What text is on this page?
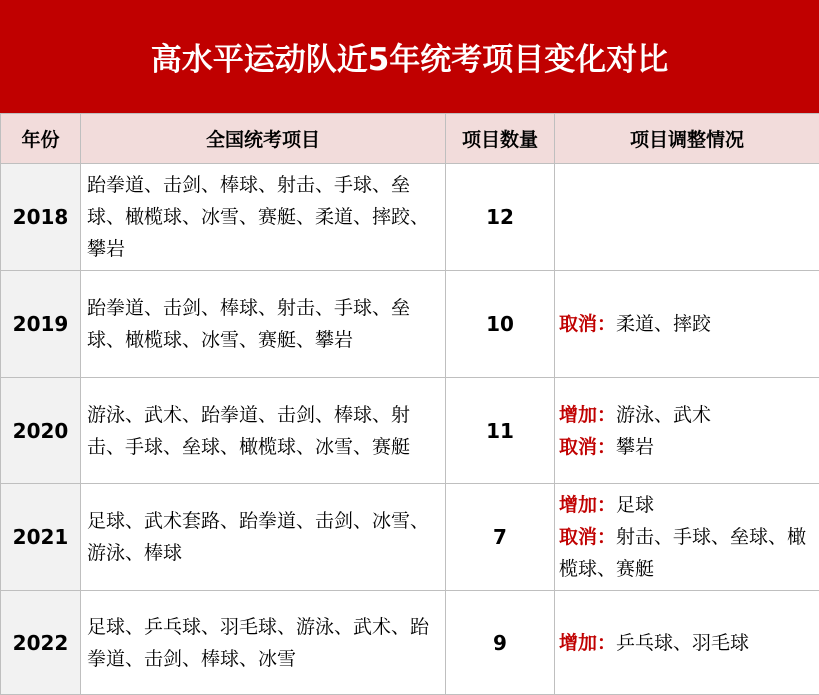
高水平运动队近5年统考项目变化对比
年份	全国统考项目	项目数量	项目调整情况
2018	跆拳道、击剑、棒球、射击、手球、垒球、橄榄球、冰雪、赛艇、柔道、摔跤、攀岩	12	
2019	跆拳道、击剑、棒球、射击、手球、垒球、橄榄球、冰雪、赛艇、攀岩	10	取消：柔道、摔跤

2020	游泳、武术、跆拳道、击剑、棒球、射击、手球、垒球、橄榄球、冰雪、赛艇	11	增加：游泳、武术
取消：攀岩

2021	足球、武术套路、跆拳道、击剑、冰雪、游泳、棒球	7	增加：足球
取消：射击、手球、垒球、橄榄球、赛艇

2022	足球、乒乓球、羽毛球、游泳、武术、跆拳道、击剑、棒球、冰雪	9	增加：乒乓球、羽毛球
